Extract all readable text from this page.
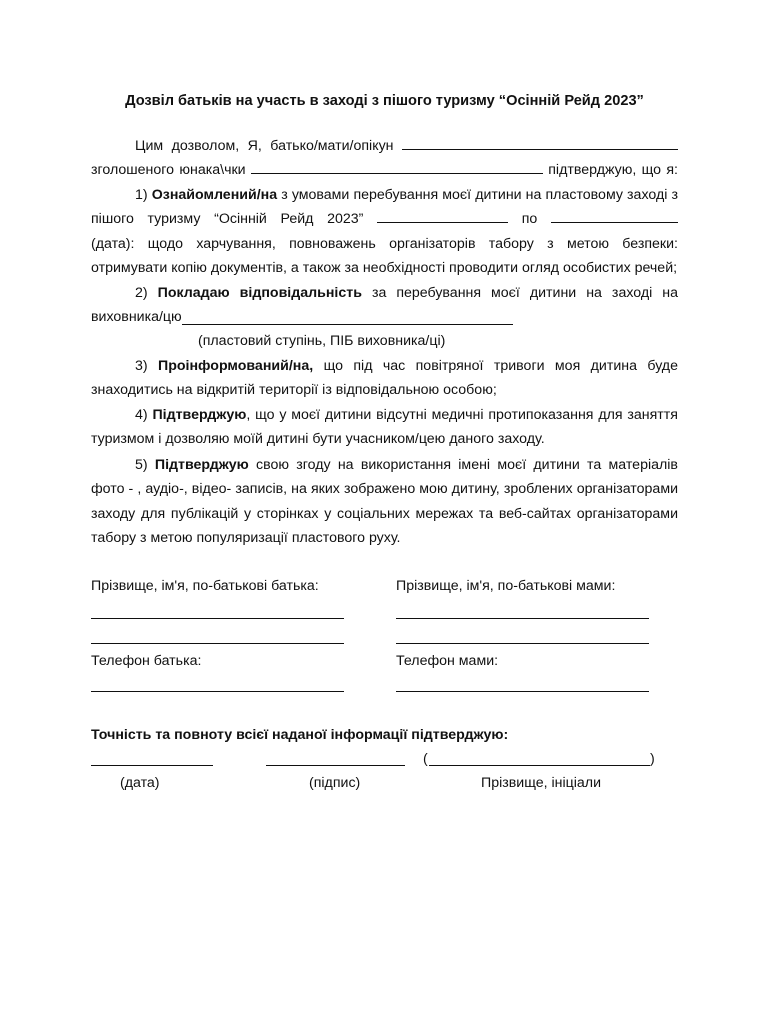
Дозвіл батьків на участь в заході з пішого туризму “Осінній Рейд 2023”
Цим дозволом, Я, батько/мати/опікун
зголошеного юнака\чки	підтверджую, що я:
1) Ознайомлений/на з умовами перебування моєї дитини на пластовому заході з пішого туризму “Осінній Рейд 2023”	по
(дата): щодо харчування, повноважень організаторів табору з метою безпеки: отримувати копію документів, а також за необхідності проводити огляд особистих речей;
2) Покладаю відповідальність за перебування моєї дитини на заході на виховника/цю
(пластовий ступінь, ПІБ виховника/ці)
3) Проінформований/на, що під час повітряної тривоги моя дитина буде знаходитись на відкритій території із відповідальною особою;
4) Підтверджую, що у моєї дитини відсутні медичні протипоказання для заняття туризмом і дозволяю моїй дитині бути учасником/цею даного заходу.
5) Підтверджую свою згоду на використання імені моєї дитини та матеріалів фото - , аудіо-, відео- записів, на яких зображено мою дитину, зроблених організаторами заходу для публікацій у сторінках у соціальних мережах та веб-сайтах організаторами табору з метою популяризації пластового руху.
Прізвище, ім'я, по-батькові батька:	Прізвище, ім'я, по-батькові мами:
Телефон батька:	Телефон мами:
Точність та повноту всієї наданої інформації підтверджую:
(	)
(дата)	(підпис)	Прізвище, ініціали
